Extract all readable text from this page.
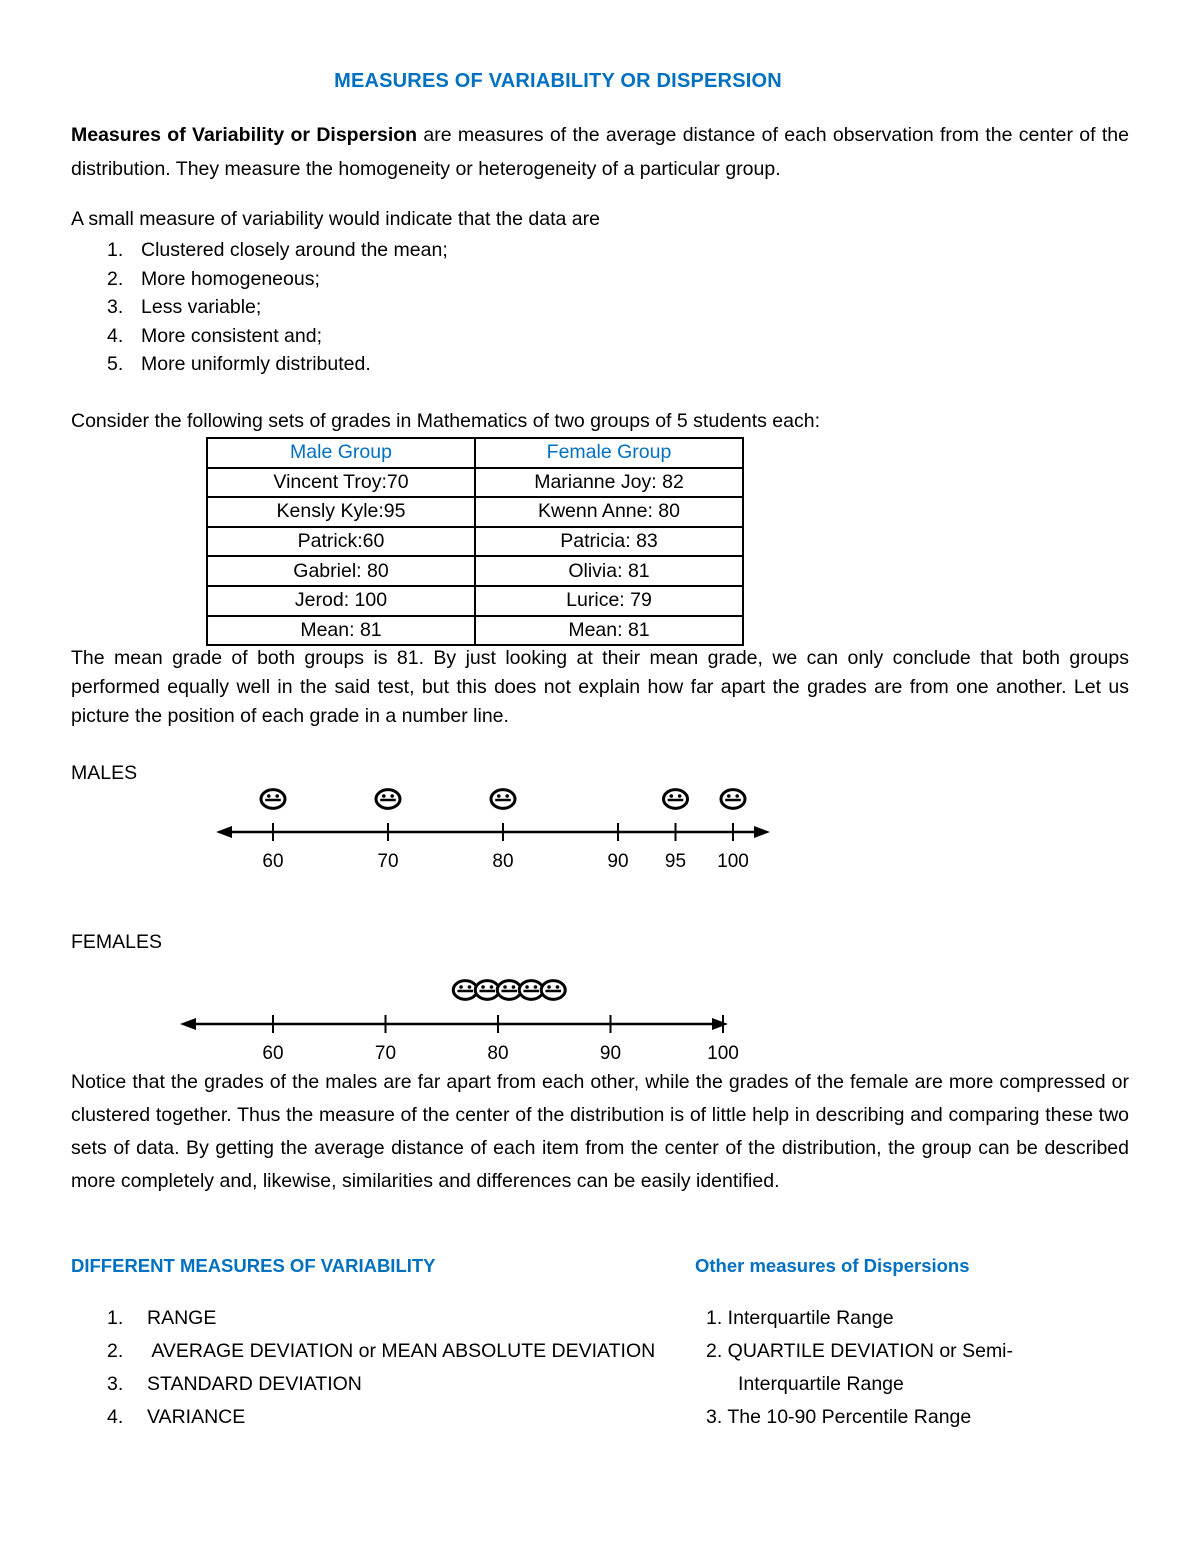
MEASURES OF VARIABILITY OR DISPERSION
Measures of Variability or Dispersion are measures of the average distance of each observation from the center of the distribution. They measure the homogeneity or heterogeneity of a particular group.
A small measure of variability would indicate that the data are
1. Clustered closely around the mean;
2. More homogeneous;
3. Less variable;
4. More consistent and;
5. More uniformly distributed.
Consider the following sets of grades in Mathematics of two groups of 5 students each:
Male Group	Female Group
Vincent Troy:70	Marianne Joy: 82
Kensly Kyle:95	Kwenn Anne: 80
Patrick:60	Patricia: 83
Gabriel: 80	Olivia: 81
Jerod: 100	Lurice: 79
Mean: 81	Mean: 81
The mean grade of both groups is 81. By just looking at their mean grade, we can only conclude that both groups performed equally well in the said test, but this does not explain how far apart the grades are from one another. Let us picture the position of each grade in a number line.
MALES
60	70	80	90 95 100
FEMALES
60	70	80	90	100
Notice that the grades of the males are far apart from each other, while the grades of the female are more compressed or clustered together. Thus the measure of the center of the distribution is of little help in describing and comparing these two sets of data. By getting the average distance of each item from the center of the distribution, the group can be described more completely and, likewise, similarities and differences can be easily identified.
DIFFERENT MEASURES OF VARIABILITY
1. RANGE
2. AVERAGE DEVIATION or MEAN ABSOLUTE DEVIATION
3. STANDARD DEVIATION
4. VARIANCE
Other measures of Dispersions
1. Interquartile Range
2. QUARTILE DEVIATION or Semi-
Interquartile Range
3. The 10-90 Percentile Range
